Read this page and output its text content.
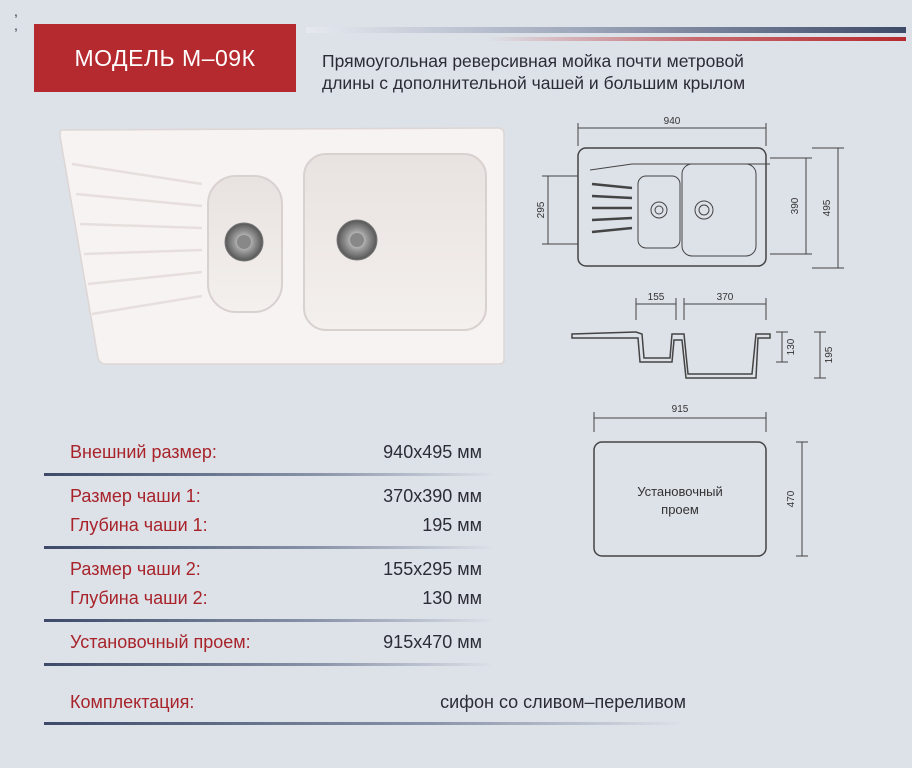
,
,
МОДЕЛЬ М–09К	Прямоугольная реверсивная мойка почти метровой
длины с дополнительной чашей и большим крылом
940
295	390 495
155	370
130	195
915
470
Установочный
проем
Внешний размер:	940x495 мм
Размер чаши 1:	370x390 мм
Глубина чаши 1:	195 мм
Размер чаши 2:	155x295 мм
Глубина чаши 2:	130 мм
Установочный проем:	915x470 мм
Комплектация:	сифон со сливом–переливом
